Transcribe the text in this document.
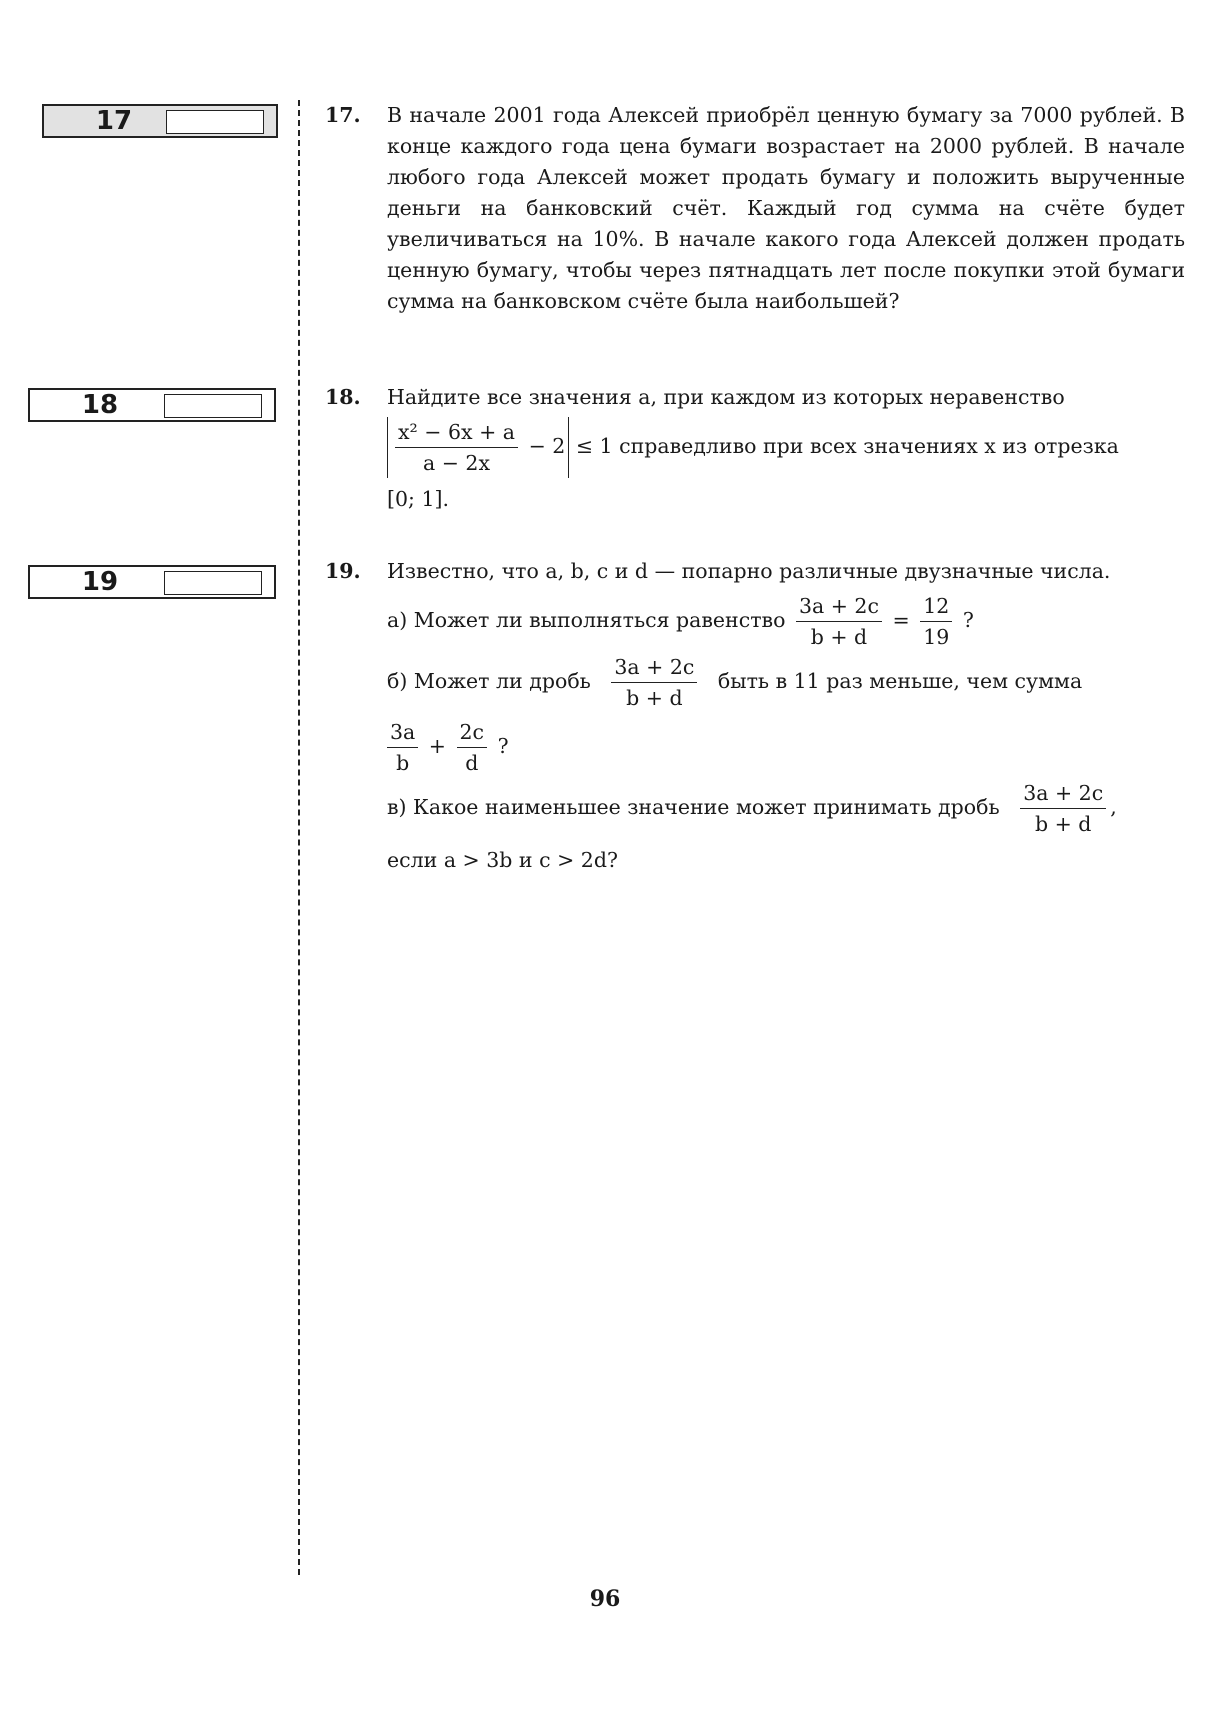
17
18
19
17. В начале 2001 года Алексей приобрёл ценную бумагу за 7000 рублей. В конце каждого года цена бумаги возрастает на 2000 рублей. В начале любого года Алексей может продать бумагу и положить вырученные деньги на банковский счёт. Каждый год сумма на счёте будет увеличиваться на 10%. В начале какого года Алексей должен продать ценную бумагу, чтобы через пятнадцать лет после покупки этой бумаги сумма на банковском счёте была наибольшей?

18. Найдите все значения a, при каждом из которых неравенство

$\frac{\text{x² − 6x + a}}{a - 2x} - 2 \le 1$ справедливо при всех значениях x из отрезка

[0; 1].

19. Известно, что a, b, c и d — попарно различные двузначные числа.

а) Может ли выполняться равенство $\frac{3a + 2c}{b + d} = \frac{12}{19}$ ?

б) Может ли дробь $\frac{3a + 2c}{b + d}$ быть в 11 раз меньше, чем сумма

$\frac{3a}{b} + \frac{2c}{d}$ ?

в) Какое наименьшее значение может принимать дробь $\frac{3a + 2c}{b + d}$ ,

если a > 3b и c > 2d?

96
